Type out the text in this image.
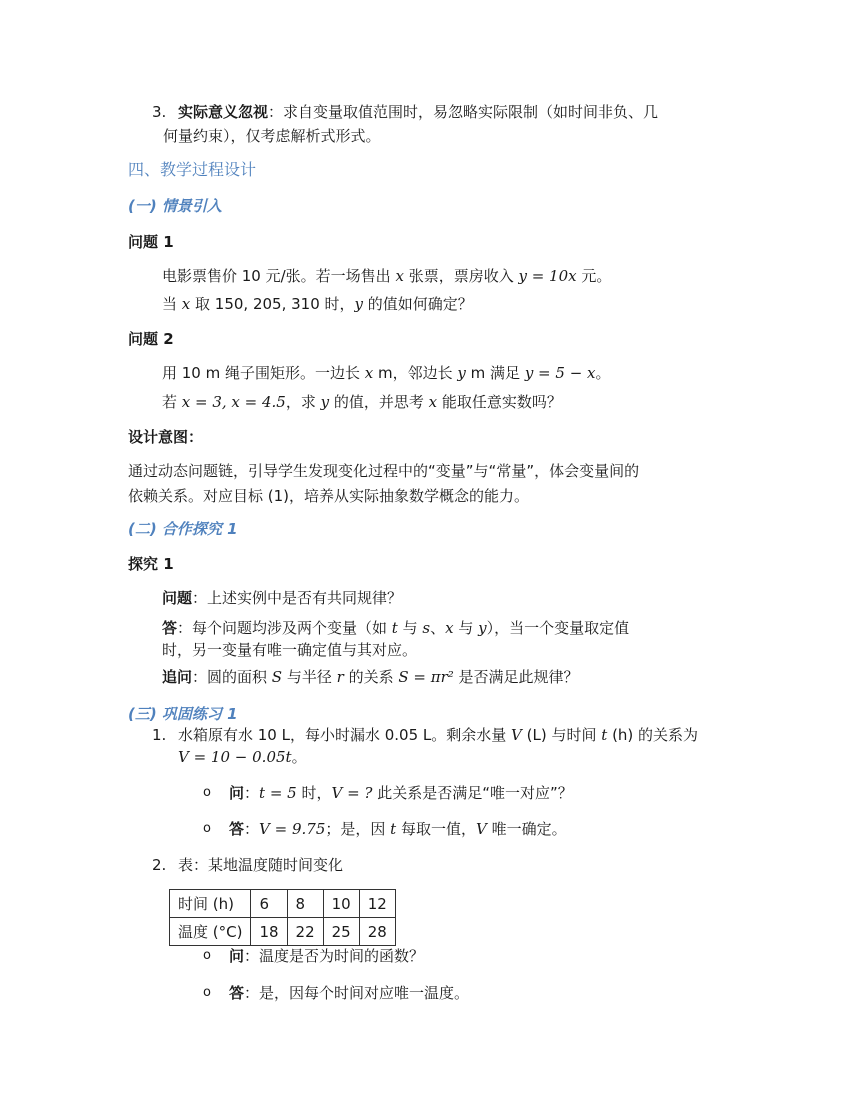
3. 实际意义忽视：求自变量取值范围时，易忽略实际限制（如时间非负、几
何量约束），仅考虑解析式形式。
四、教学过程设计
(一) 情景引入
问题 1
电影票售价 10 元/张。若一场售出 x 张票，票房收入 y = 10x 元。
当 x 取 150, 205, 310 时，y 的值如何确定？
问题 2
用 10 m 绳子围矩形。一边长 x m，邻边长 y m 满足 y = 5 − x。
若 x = 3, x = 4.5，求 y 的值，并思考 x 能取任意实数吗？
设计意图：
通过动态问题链，引导学生发现变化过程中的“变量”与“常量”，体会变量间的
依赖关系。对应目标 (1)，培养从实际抽象数学概念的能力。
(二) 合作探究 1
探究 1
问题：上述实例中是否有共同规律？
答：每个问题均涉及两个变量（如 t 与 s、x 与 y），当一个变量取定值
时，另一变量有唯一确定值与其对应。
追问：圆的面积 S 与半径 r 的关系 S = πr² 是否满足此规律？
(三) 巩固练习 1
1. 水箱原有水 10 L，每小时漏水 0.05 L。剩余水量 V (L) 与时间 t (h) 的关系为
V = 10 − 0.05t。
o 问：t = 5 时，V = ? 此关系是否满足“唯一对应”？
o 答：V = 9.75；是，因 t 每取一值，V 唯一确定。
2. 表：某地温度随时间变化
时间 (h)	6	8	10	12
温度 (°C)	18	22	25	28
o 问：温度是否为时间的函数？
o 答：是，因每个时间对应唯一温度。
